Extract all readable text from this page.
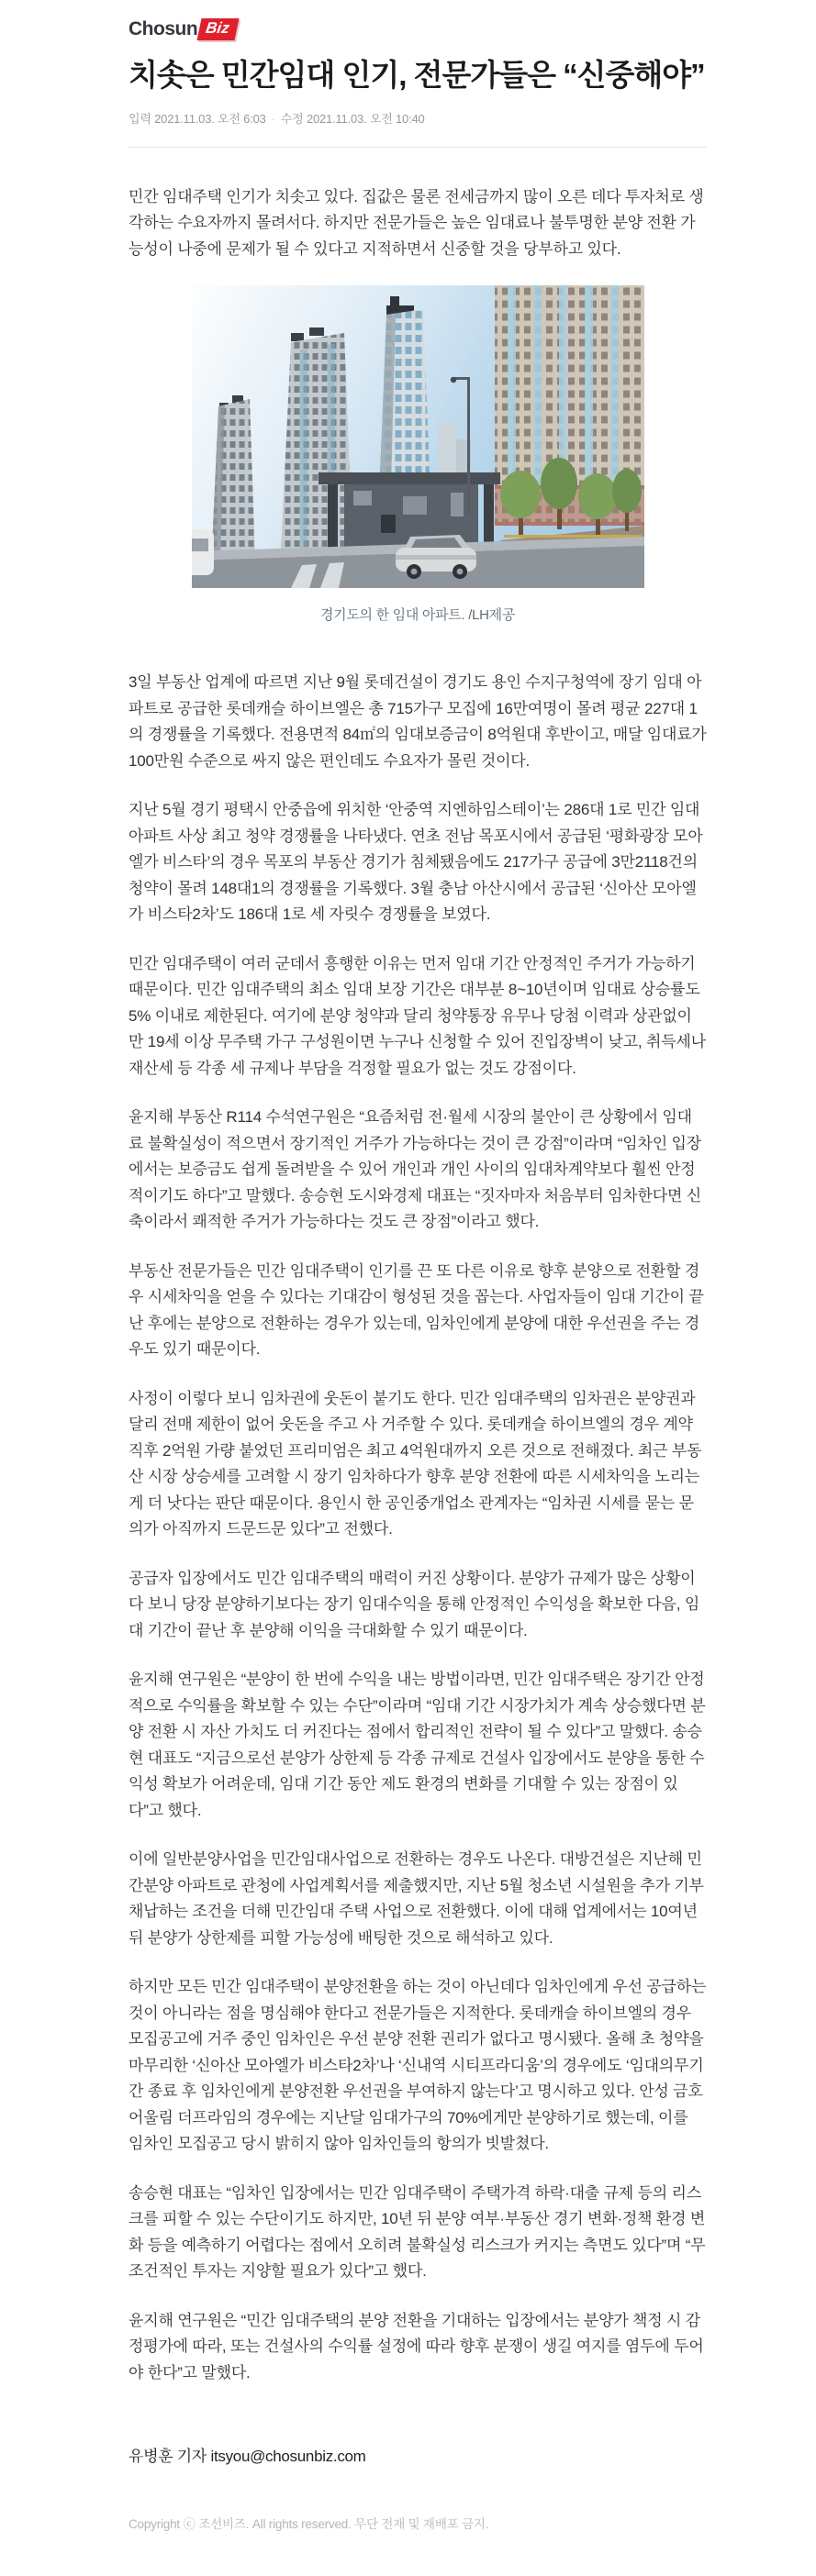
Chosun Biz
치솟은 민간임대 인기, 전문가들은 “신중해야”
입력 2021.11.03. 오전 6:03 · 수정 2021.11.03. 오전 10:40

민간 임대주택 인기가 치솟고 있다. 집값은 물론 전세금까지 많이 오른 데다 투자처로 생각하는 수요자까지 몰려서다. 하지만 전문가들은 높은 임대료나 불투명한 분양 전환 가능성이 나중에 문제가 될 수 있다고 지적하면서 신중할 것을 당부하고 있다.

경기도의 한 임대 아파트. /LH제공

3일 부동산 업계에 따르면 지난 9월 롯데건설이 경기도 용인 수지구청역에 장기 임대 아파트로 공급한 롯데캐슬 하이브엘은 총 715가구 모집에 16만여명이 몰려 평균 227대 1의 경쟁률을 기록했다. 전용면적 84㎡의 임대보증금이 8억원대 후반이고, 매달 임대료가 100만원 수준으로 싸지 않은 편인데도 수요자가 몰린 것이다.

지난 5월 경기 평택시 안중읍에 위치한 ‘안중역 지엔하임스테이’는 286대 1로 민간 임대 아파트 사상 최고 청약 경쟁률을 나타냈다. 연초 전남 목포시에서 공급된 ‘평화광장 모아엘가 비스타’의 경우 목포의 부동산 경기가 침체됐음에도 217가구 공급에 3만2118건의 청약이 몰려 148대1의 경쟁률을 기록했다. 3월 충남 아산시에서 공급된 ‘신아산 모아엘가 비스타2차’도 186대 1로 세 자릿수 경쟁률을 보였다.

민간 임대주택이 여러 군데서 흥행한 이유는 먼저 임대 기간 안정적인 주거가 가능하기 때문이다. 민간 임대주택의 최소 임대 보장 기간은 대부분 8~10년이며 임대료 상승률도 5% 이내로 제한된다. 여기에 분양 청약과 달리 청약통장 유무나 당첨 이력과 상관없이 만 19세 이상 무주택 가구 구성원이면 누구나 신청할 수 있어 진입장벽이 낮고, 취득세나 재산세 등 각종 세 규제나 부담을 걱정할 필요가 없는 것도 강점이다.

윤지해 부동산 R114 수석연구원은 “요즘처럼 전·월세 시장의 불안이 큰 상황에서 임대료 불확실성이 적으면서 장기적인 거주가 가능하다는 것이 큰 강점”이라며 “임차인 입장에서는 보증금도 쉽게 돌려받을 수 있어 개인과 개인 사이의 임대차계약보다 훨씬 안정적이기도 하다”고 말했다. 송승현 도시와경제 대표는 “짓자마자 처음부터 임차한다면 신축이라서 쾌적한 주거가 가능하다는 것도 큰 장점”이라고 했다.

부동산 전문가들은 민간 임대주택이 인기를 끈 또 다른 이유로 향후 분양으로 전환할 경우 시세차익을 얻을 수 있다는 기대감이 형성된 것을 꼽는다. 사업자들이 임대 기간이 끝난 후에는 분양으로 전환하는 경우가 있는데, 임차인에게 분양에 대한 우선권을 주는 경우도 있기 때문이다.

사정이 이렇다 보니 임차권에 웃돈이 붙기도 한다. 민간 임대주택의 임차권은 분양권과 달리 전매 제한이 없어 웃돈을 주고 사 거주할 수 있다. 롯데캐슬 하이브엘의 경우 계약 직후 2억원 가량 붙었던 프리미엄은 최고 4억원대까지 오른 것으로 전해졌다. 최근 부동산 시장 상승세를 고려할 시 장기 임차하다가 향후 분양 전환에 따른 시세차익을 노리는 게 더 낫다는 판단 때문이다. 용인시 한 공인중개업소 관계자는 “임차권 시세를 묻는 문의가 아직까지 드문드문 있다”고 전했다.

공급자 입장에서도 민간 임대주택의 매력이 커진 상황이다. 분양가 규제가 많은 상황이다 보니 당장 분양하기보다는 장기 임대수익을 통해 안정적인 수익성을 확보한 다음, 임대 기간이 끝난 후 분양해 이익을 극대화할 수 있기 때문이다.

윤지해 연구원은 “분양이 한 번에 수익을 내는 방법이라면, 민간 임대주택은 장기간 안정적으로 수익률을 확보할 수 있는 수단”이라며 “임대 기간 시장가치가 계속 상승했다면 분양 전환 시 자산 가치도 더 커진다는 점에서 합리적인 전략이 될 수 있다”고 말했다. 송승현 대표도 “지금으로선 분양가 상한제 등 각종 규제로 건설사 입장에서도 분양을 통한 수익성 확보가 어려운데, 임대 기간 동안 제도 환경의 변화를 기대할 수 있는 장점이 있다”고 했다.

이에 일반분양사업을 민간임대사업으로 전환하는 경우도 나온다. 대방건설은 지난해 민간분양 아파트로 관청에 사업계획서를 제출했지만, 지난 5월 청소년 시설원을 추가 기부채납하는 조건을 더해 민간임대 주택 사업으로 전환했다. 이에 대해 업계에서는 10여년 뒤 분양가 상한제를 피할 가능성에 배팅한 것으로 해석하고 있다.

하지만 모든 민간 임대주택이 분양전환을 하는 것이 아닌데다 임차인에게 우선 공급하는 것이 아니라는 점을 명심해야 한다고 전문가들은 지적한다. 롯데캐슬 하이브엘의 경우 모집공고에 거주 중인 임차인은 우선 분양 전환 권리가 없다고 명시됐다. 올해 초 청약을 마무리한 ‘신아산 모아엘가 비스타2차’나 ‘신내역 시티프라디움’의 경우에도 ‘임대의무기간 종료 후 임차인에게 분양전환 우선권을 부여하지 않는다’고 명시하고 있다. 안성 금호어울림 더프라임의 경우에는 지난달 임대가구의 70%에게만 분양하기로 했는데, 이를 임차인 모집공고 당시 밝히지 않아 임차인들의 항의가 빗발쳤다.

송승현 대표는 “임차인 입장에서는 민간 임대주택이 주택가격 하락·대출 규제 등의 리스크를 피할 수 있는 수단이기도 하지만, 10년 뒤 분양 여부·부동산 경기 변화·정책 환경 변화 등을 예측하기 어렵다는 점에서 오히려 불확실성 리스크가 커지는 측면도 있다”며 “무조건적인 투자는 지양할 필요가 있다”고 했다.

윤지해 연구원은 “민간 임대주택의 분양 전환을 기대하는 입장에서는 분양가 책정 시 감정평가에 따라, 또는 건설사의 수익률 설정에 따라 향후 분쟁이 생길 여지를 염두에 두어야 한다”고 말했다.

유병훈 기자 itsyou@chosunbiz.com
Copyright ⓒ 조선비즈. All rights reserved. 무단 전재 및 재배포 금지.
